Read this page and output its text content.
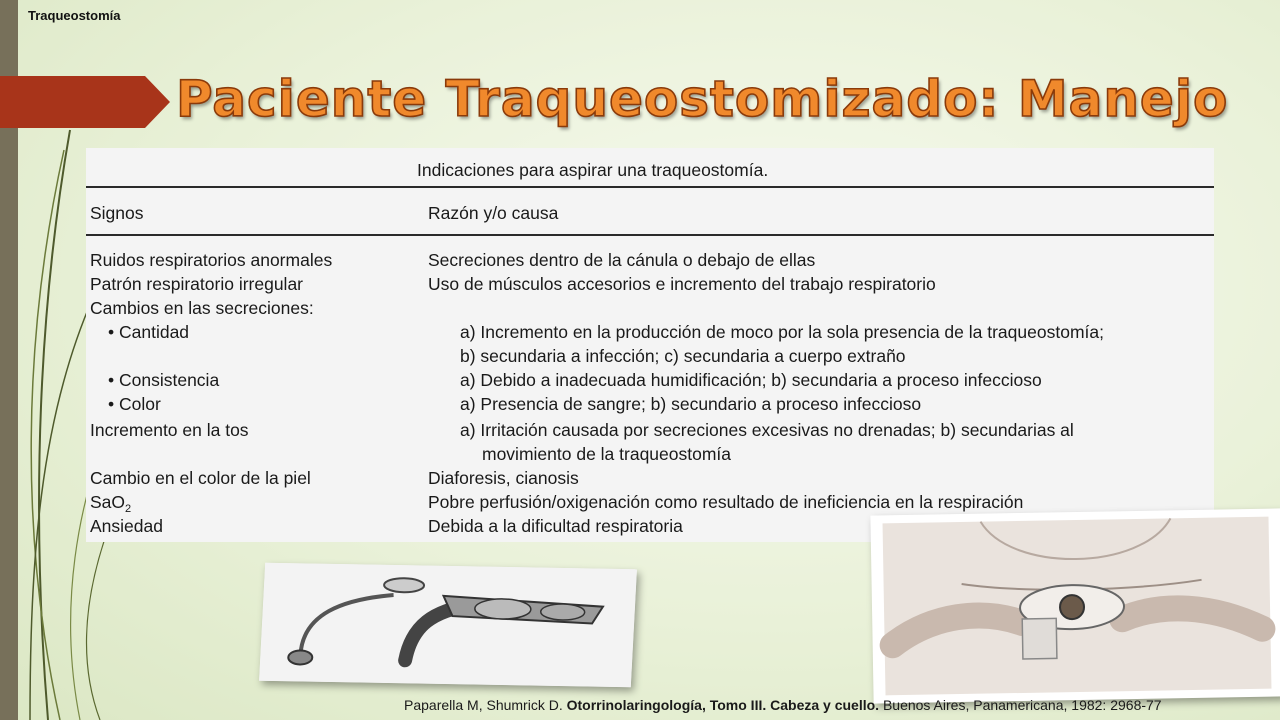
Traqueostomía
Paciente Traqueostomizado: Manejo
Indicaciones para aspirar una traqueostomía.
Signos	Razón y/o causa
Ruidos respiratorios anormales
Patrón respiratorio irregular
Cambios en las secreciones:
• Cantidad
• Consistencia
• Color
Incremento en la tos
Cambio en el color de la piel
SaO$_2$
Ansiedad
Secreciones dentro de la cánula o debajo de ellas
Uso de músculos accesorios e incremento del trabajo respiratorio
a) Incremento en la producción de moco por la sola presencia de la traqueostomía;
b) secundaria a infección; c) secundaria a cuerpo extraño
a) Debido a inadecuada humidificación; b) secundaria a proceso infeccioso
a) Presencia de sangre; b) secundario a proceso infeccioso
a) Irritación causada por secreciones excesivas no drenadas; b) secundarias al
movimiento de la traqueostomía
Diaforesis, cianosis
Pobre perfusión/oxigenación como resultado de ineficiencia en la respiración
Debida a la dificultad respiratoria
Paparella M, Shumrick D. Otorrinolaringología, Tomo III. Cabeza y cuello. Buenos Aires, Panamericana, 1982: 2968-77
